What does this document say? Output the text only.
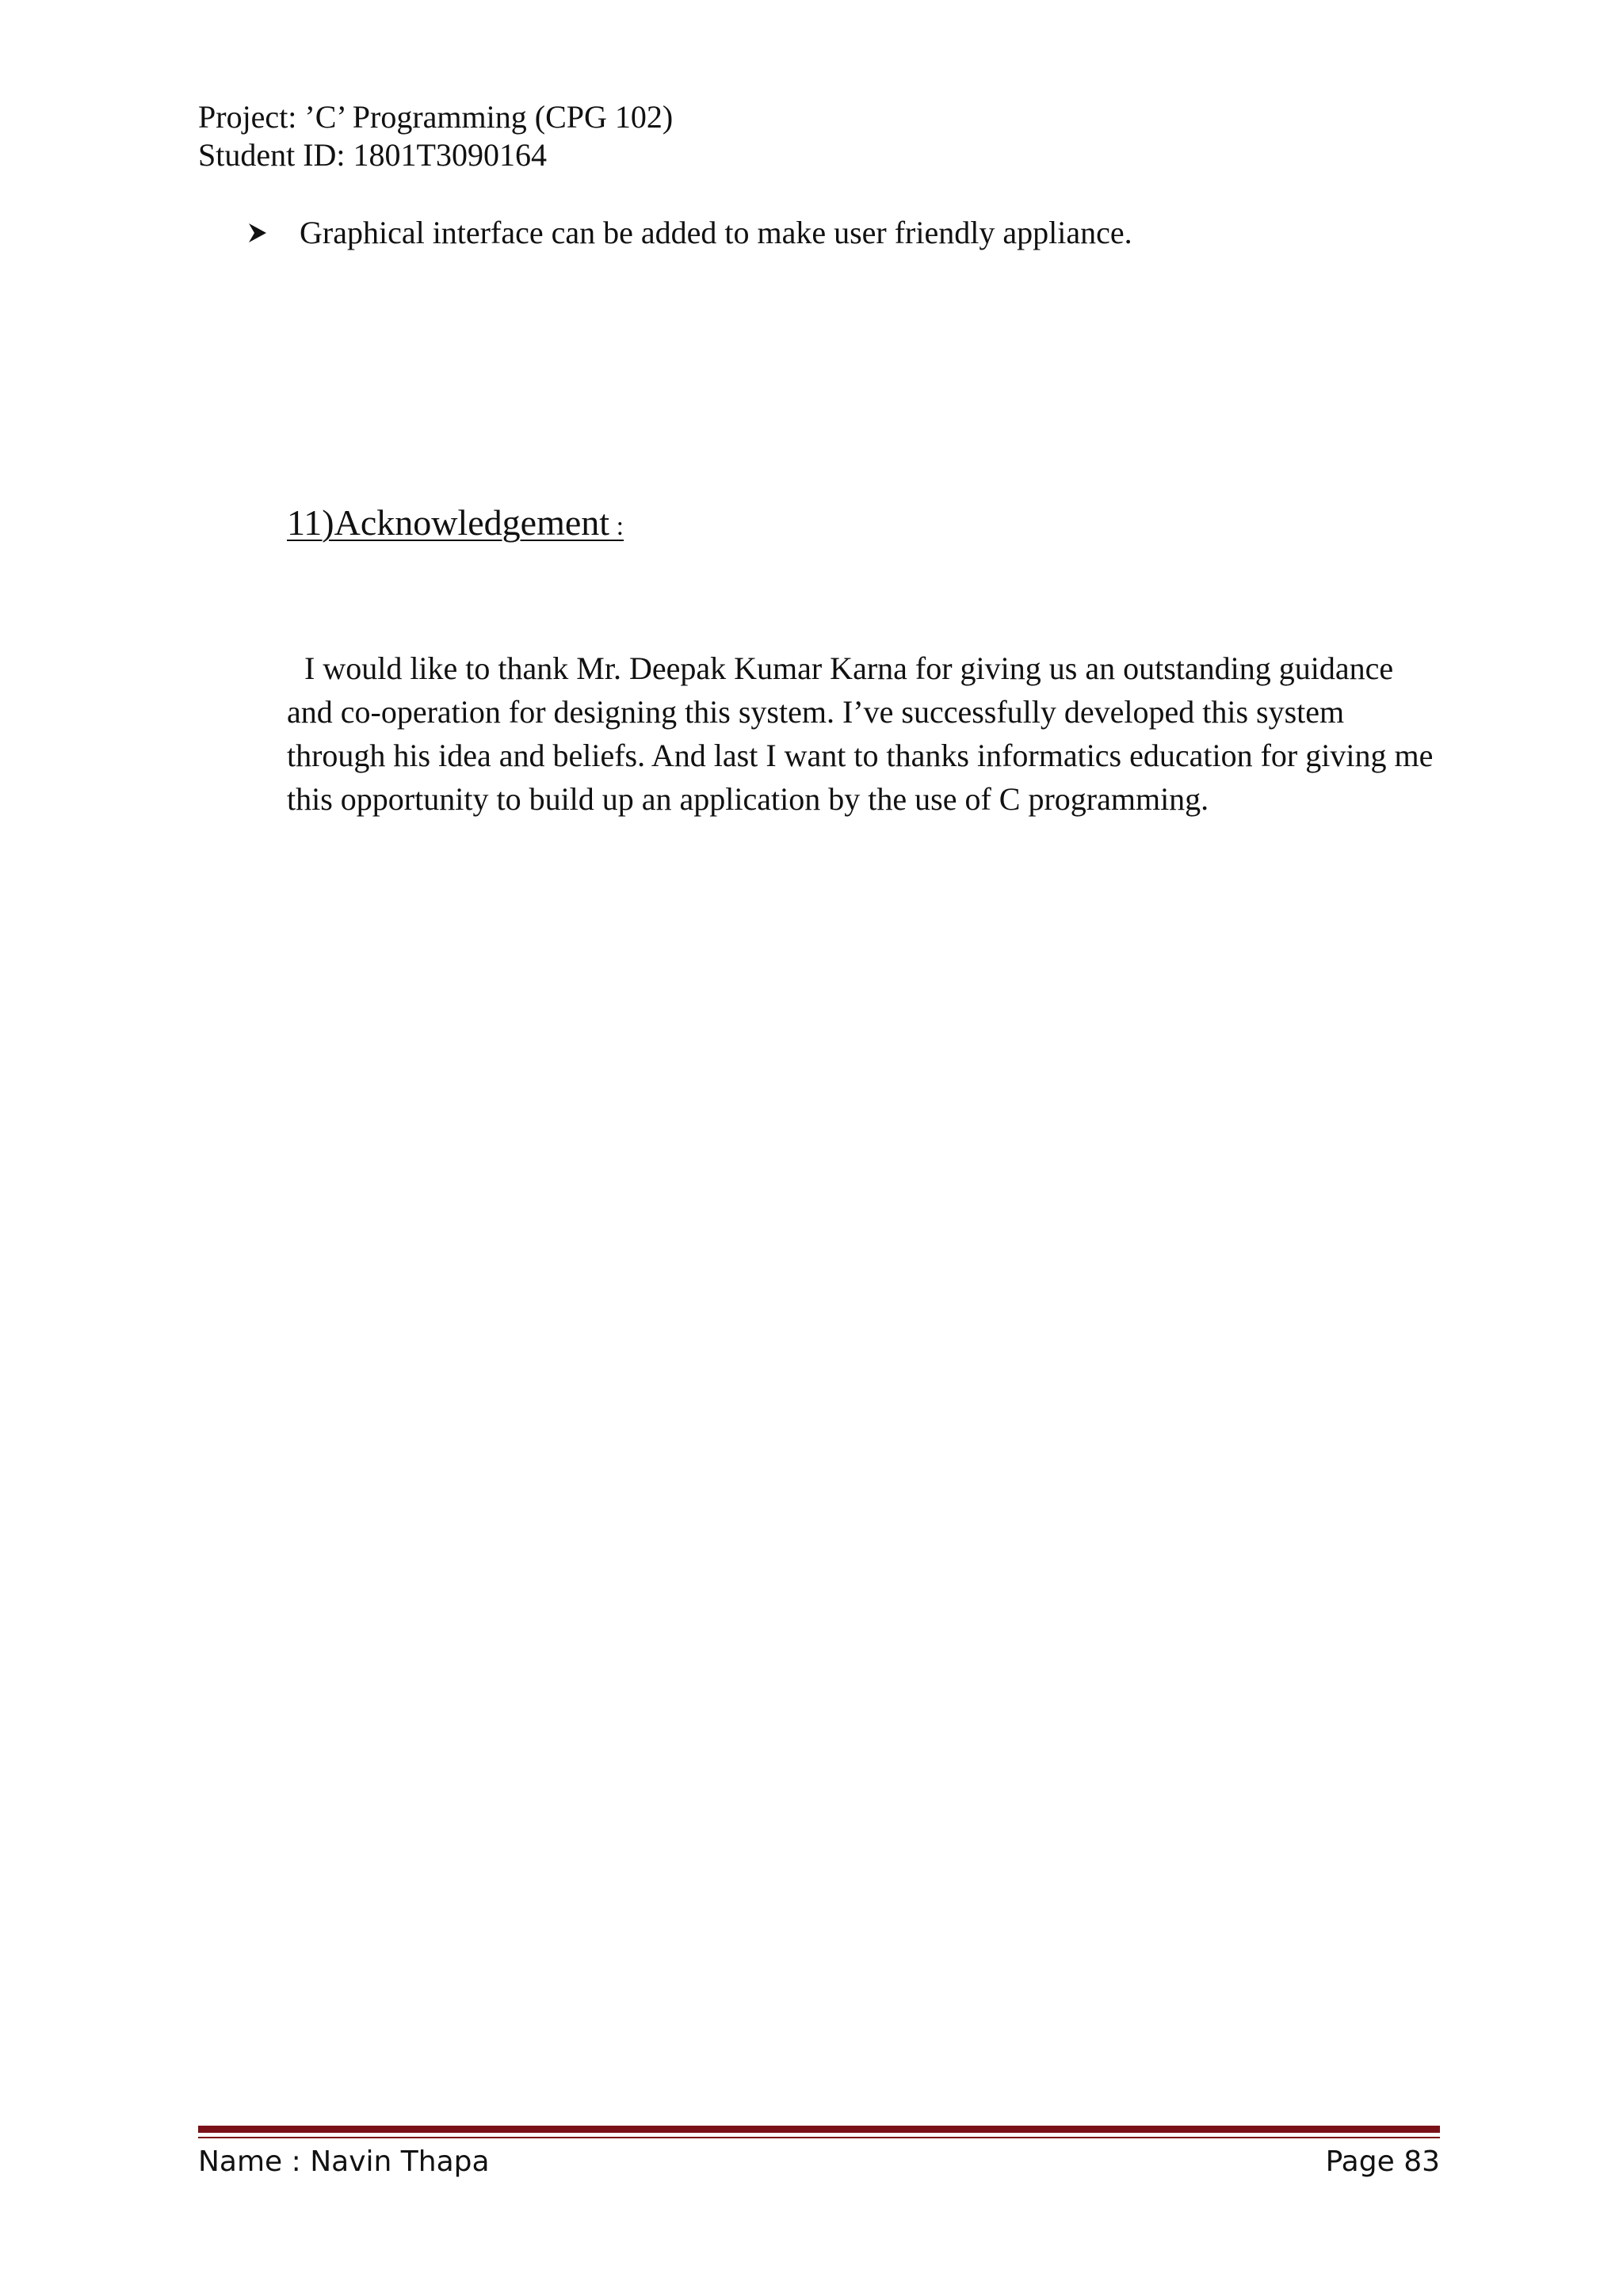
Project: ’C’ Programming (CPG 102)
Student ID: 1801T3090164
Graphical interface can be added to make user friendly appliance.
11)Acknowledgement :

I would like to thank Mr. Deepak Kumar Karna for giving us an outstanding guidance and co-operation for designing this system. I’ve successfully developed this system through his idea and beliefs. And last I want to thanks informatics education for giving me this opportunity to build up an application by the use of C programming.

Name : Navin Thapa	Page 83
